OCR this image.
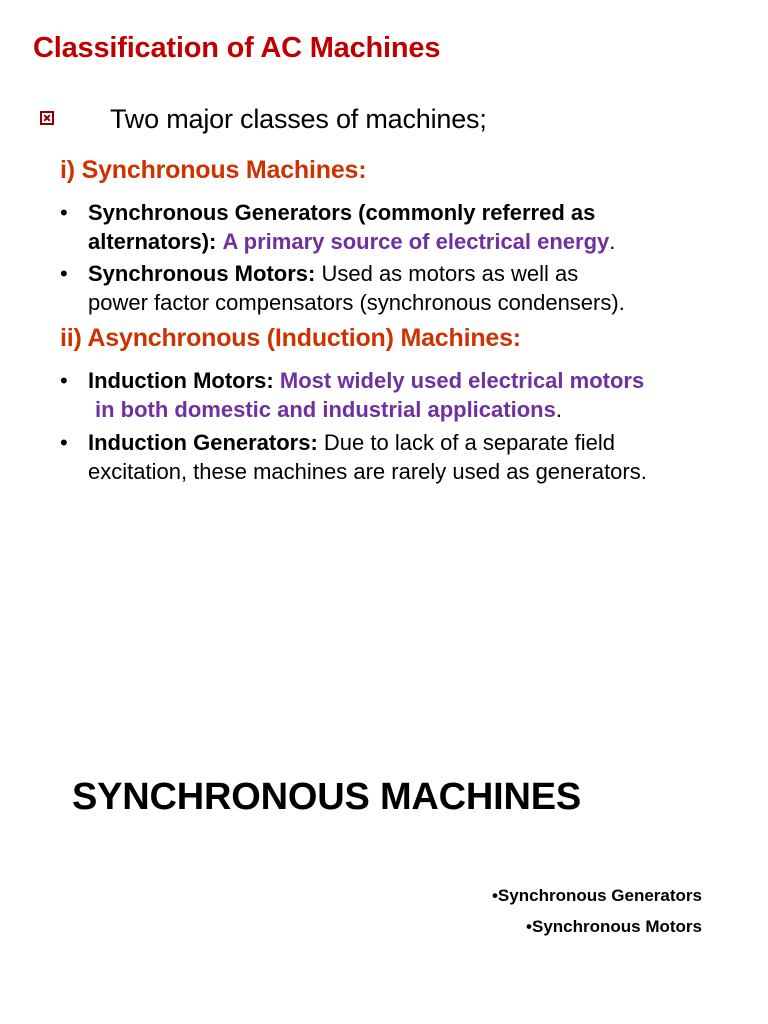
Classification of AC Machines
Two major classes of machines;
i) Synchronous Machines:
• Synchronous Generators (commonly referred as
alternators): A primary source of electrical energy.
• Synchronous Motors: Used as motors as well as
power factor compensators (synchronous condensers).
ii) Asynchronous (Induction) Machines:
• Induction Motors: Most widely used electrical motors
in both domestic and industrial applications.
• Induction Generators: Due to lack of a separate field
excitation, these machines are rarely used as generators.
SYNCHRONOUS MACHINES
•Synchronous Generators
•Synchronous Motors
